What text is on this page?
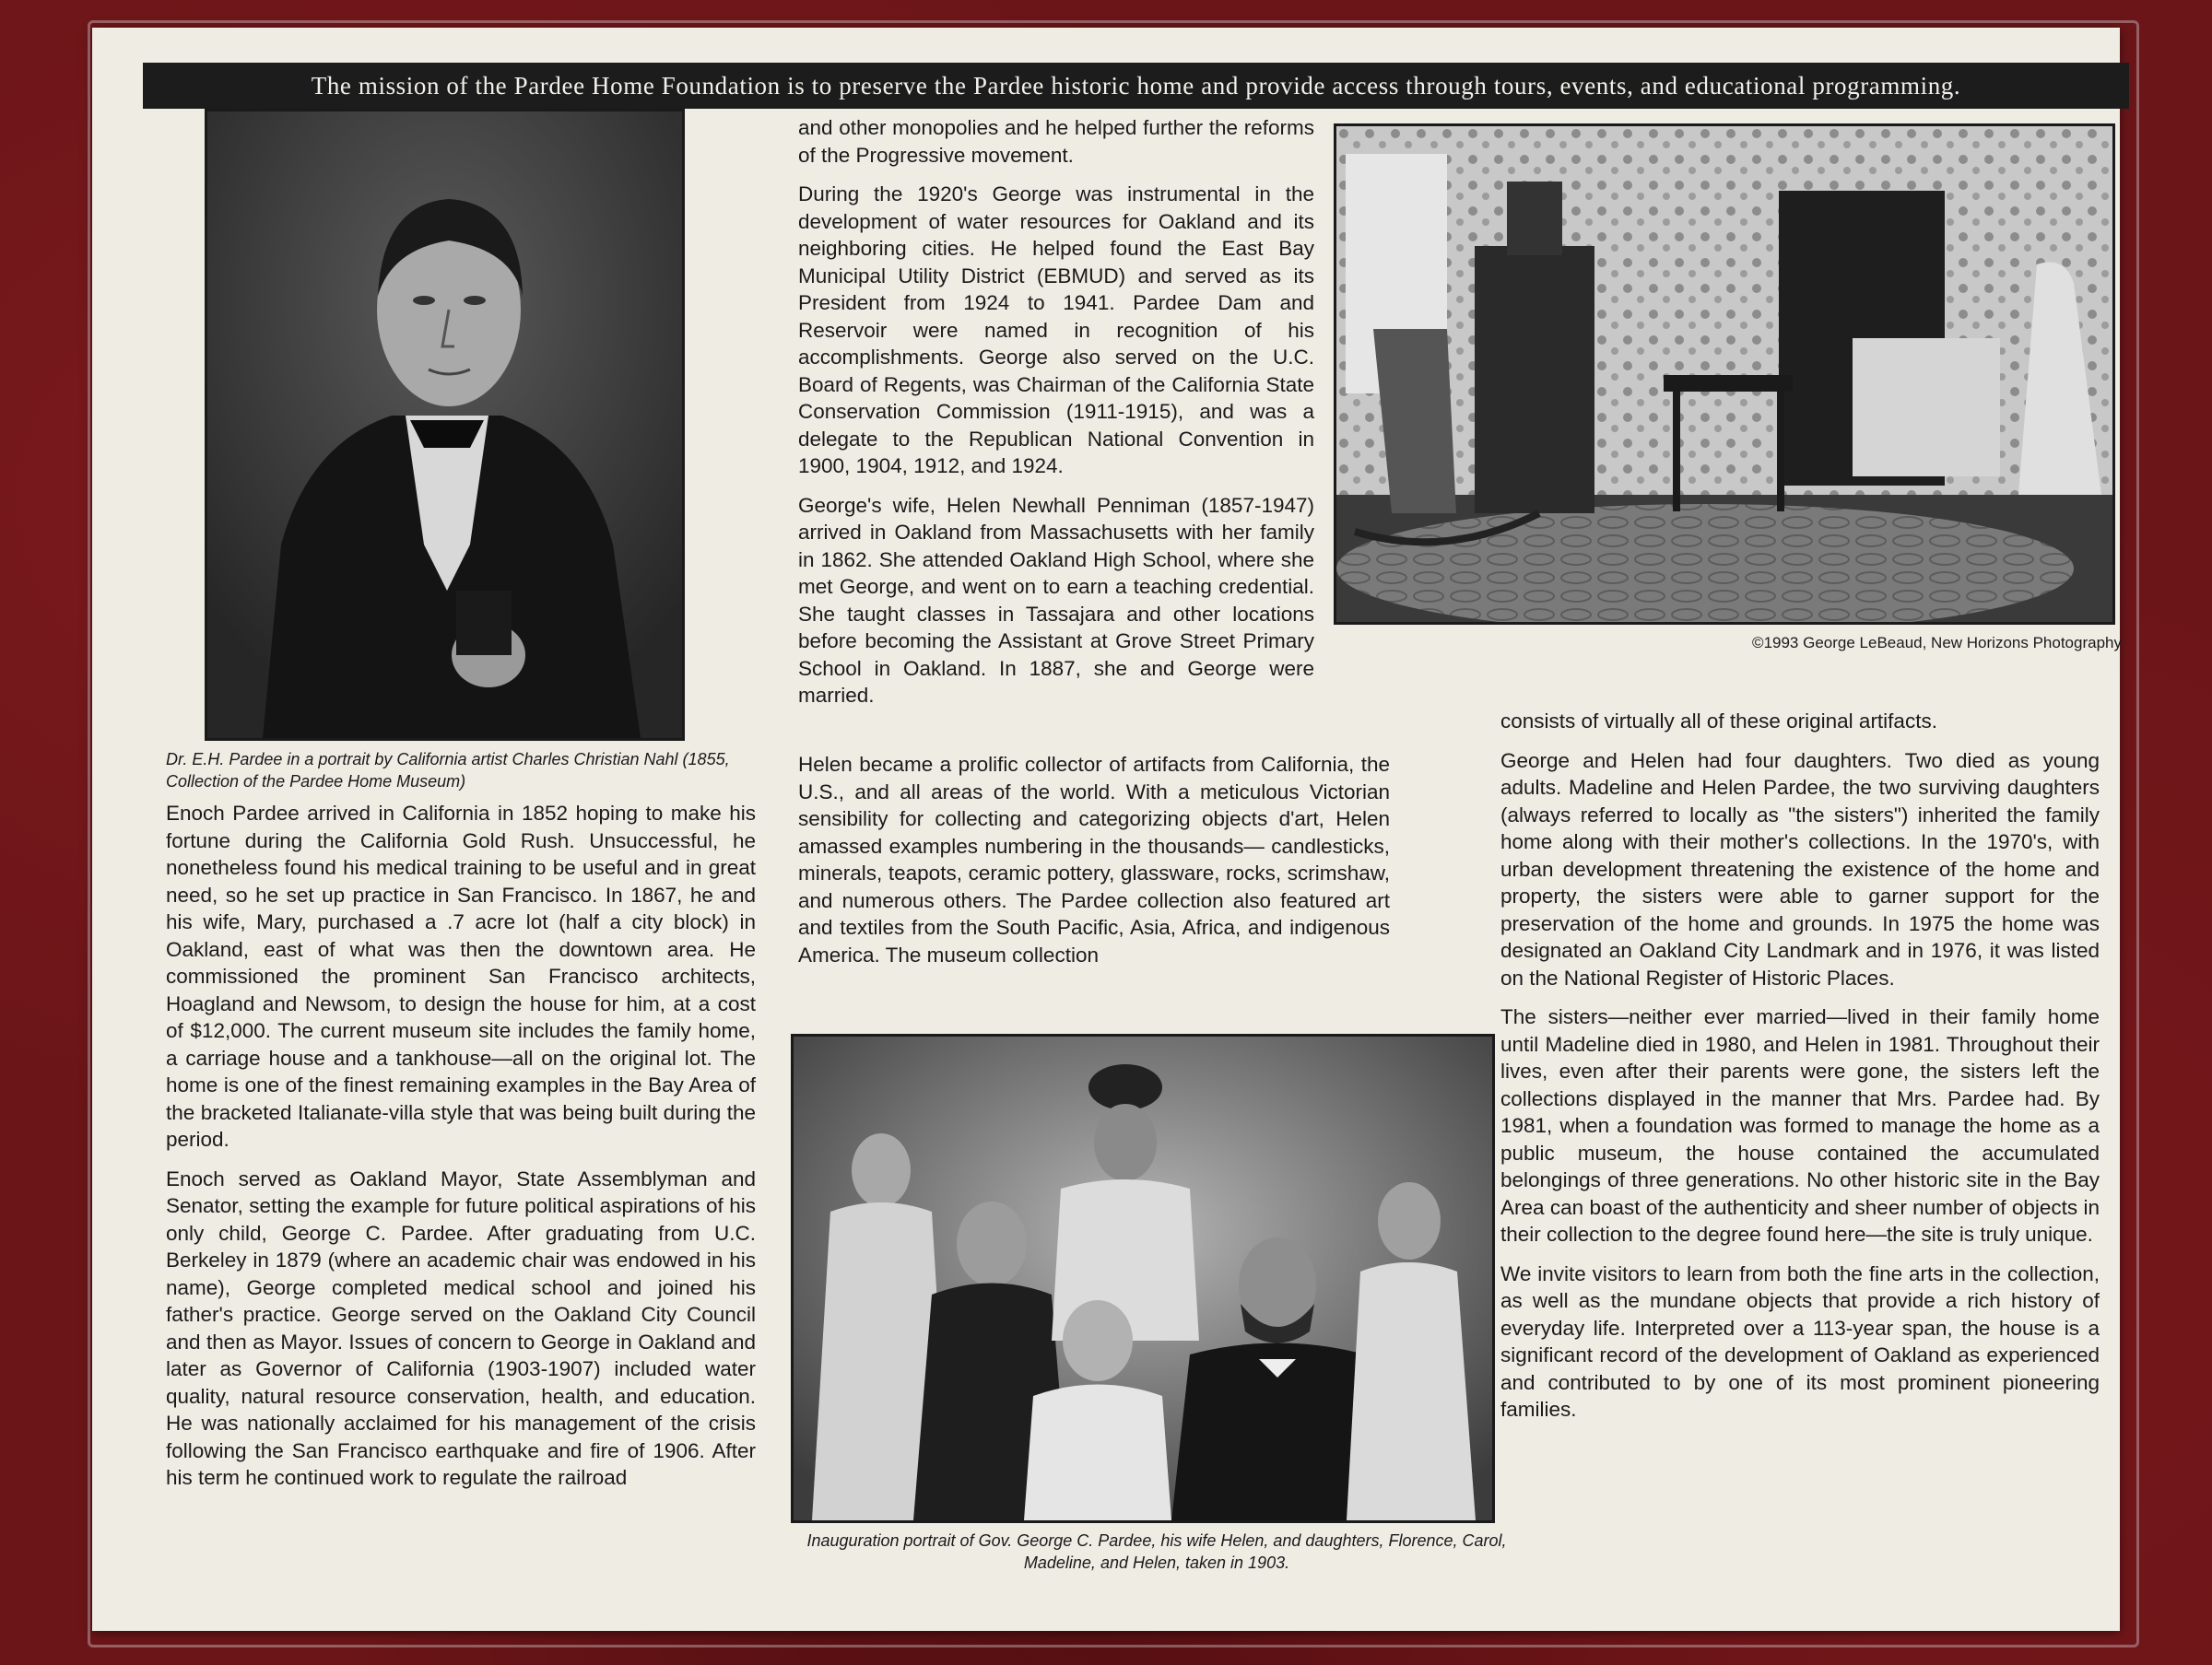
The mission of the Pardee Home Foundation is to preserve the Pardee historic home and provide access through tours, events, and educational programming.
Dr. E.H. Pardee in a portrait by California artist Charles Christian Nahl (1855, Collection of the Pardee Home Museum)

Enoch Pardee arrived in California in 1852 hoping to make his fortune during the California Gold Rush. Unsuccessful, he nonetheless found his medical training to be useful and in great need, so he set up practice in San Francisco. In 1867, he and his wife, Mary, purchased a .7 acre lot (half a city block) in Oakland, east of what was then the downtown area. He commissioned the prominent San Francisco architects, Hoagland and Newsom, to design the house for him, at a cost of $12,000. The current museum site includes the family home, a carriage house and a tankhouse—all on the original lot. The home is one of the finest remaining examples in the Bay Area of the bracketed Italianate-villa style that was being built during the period.

Enoch served as Oakland Mayor, State Assemblyman and Senator, setting the example for future political aspirations of his only child, George C. Pardee. After graduating from U.C. Berkeley in 1879 (where an academic chair was endowed in his name), George completed medical school and joined his father's practice. George served on the Oakland City Council and then as Mayor. Issues of concern to George in Oakland and later as Governor of California (1903-1907) included water quality, natural resource conservation, health, and education. He was nationally acclaimed for his management of the crisis following the San Francisco earthquake and fire of 1906. After his term he continued work to regulate the railroad

and other monopolies and he helped further the reforms of the Progressive movement.

During the 1920's George was instrumental in the development of water resources for Oakland and its neighboring cities. He helped found the East Bay Municipal Utility District (EBMUD) and served as its President from 1924 to 1941. Pardee Dam and Reservoir were named in recognition of his accomplishments. George also served on the U.C. Board of Regents, was Chairman of the California State Conservation Commission (1911-1915), and was a delegate to the Republican National Convention in 1900, 1904, 1912, and 1924.

George's wife, Helen Newhall Penniman (1857-1947) arrived in Oakland from Massachusetts with her family in 1862. She attended Oakland High School, where she met George, and went on to earn a teaching credential. She taught classes in Tassajara and other locations before becoming the Assistant at Grove Street Primary School in Oakland. In 1887, she and George were married.

Helen became a prolific collector of artifacts from California, the U.S., and all areas of the world. With a meticulous Victorian sensibility for collecting and categorizing objects d'art, Helen amassed examples numbering in the thousands— candlesticks, minerals, teapots, ceramic pottery, glassware, rocks, scrimshaw, and numerous others. The Pardee collection also featured art and textiles from the South Pacific, Asia, Africa, and indigenous America. The museum collection

©1993 George LeBeaud, New Horizons Photography
Inauguration portrait of Gov. George C. Pardee, his wife Helen, and daughters, Florence, Carol, Madeline, and Helen, taken in 1903.

consists of virtually all of these original artifacts.

George and Helen had four daughters. Two died as young adults. Madeline and Helen Pardee, the two surviving daughters (always referred to locally as "the sisters") inherited the family home along with their mother's collections. In the 1970's, with urban development threatening the existence of the home and property, the sisters were able to garner support for the preservation of the home and grounds. In 1975 the home was designated an Oakland City Landmark and in 1976, it was listed on the National Register of Historic Places.

The sisters—neither ever married—lived in their family home until Madeline died in 1980, and Helen in 1981. Throughout their lives, even after their parents were gone, the sisters left the collections displayed in the manner that Mrs. Pardee had. By 1981, when a foundation was formed to manage the home as a public museum, the house contained the accumulated belongings of three generations. No other historic site in the Bay Area can boast of the authenticity and sheer number of objects in their collection to the degree found here—the site is truly unique.

We invite visitors to learn from both the fine arts in the collection, as well as the mundane objects that provide a rich history of everyday life. Interpreted over a 113-year span, the house is a significant record of the development of Oakland as experienced and contributed to by one of its most prominent pioneering families.
